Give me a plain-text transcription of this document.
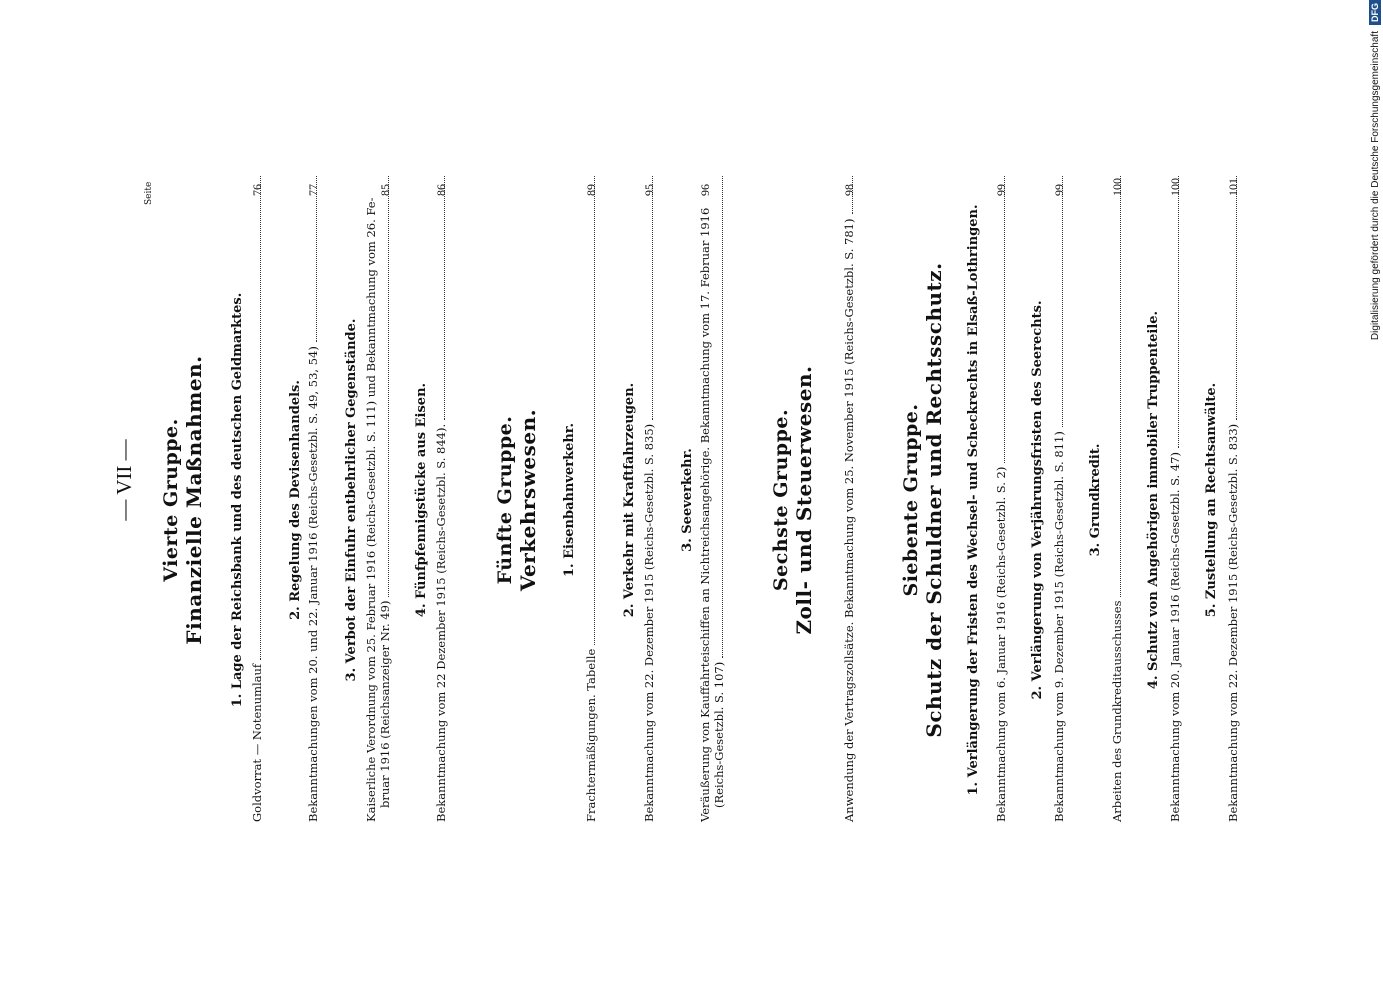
— VII —
Seite
Vierte Gruppe. Finanzielle Maßnahmen. 1. Lage der Reichsbank und des deutschen Geldmarktes.
Goldvorrat — Notenumlauf
76
2. Regelung des Devisenhandels. Bekanntmachungen vom 20. und 22. Januar 1916 (Reichs-Gesetzbl. S. 49, 53, 54)
77
3. Verbot der Einfuhr entbehrlicher Gegenstände. Kaiserliche Verordnung vom 25. Februar 1916 (Reichs-Gesetzbl. S. 111) und Bekanntmachung vom 26. Fe- bruar 1916 (Reichsanzeiger Nr. 49)
85
4. Fünfpfennigstücke aus Eisen. Bekanntmachung vom 22 Dezember 1915 (Reichs-Gesetzbl. S. 844).
86
Fünfte Gruppe. Verkehrswesen. 1. Eisenbahnverkehr.
Frachtermäßigungen. Tabelle
89
2. Verkehr mit Kraftfahrzeugen. Bekanntmachung vom 22. Dezember 1915 (Reichs-Gesetzbl. S. 835)
95
3. Seeverkehr. Veräußerung von Kauffahrteischiffen an Nichtreichsangehörige. Bekanntmachung vom 17. Februar 1916 (Reichs-Gesetzbl. S. 107)
96
Sechste Gruppe. Zoll- und Steuerwesen. Anwendung der Vertragszollsätze. Bekanntmachung vom 25. November 1915 (Reichs-Gesetzbl. S. 781)
98
Siebente Gruppe. Schutz der Schuldner und Rechtsschutz. 1. Verlängerung der Fristen des Wechsel- und Scheckrechts in Elsaß-Lothringen. Bekanntmachung vom 6. Januar 1916 (Reichs-Gesetzbl. S. 2)
99
2. Verlängerung von Verjährungsfristen des Seerechts. Bekanntmachung vom 9. Dezember 1915 (Reichs-Gesetzbl. S. 811)
99
3. Grundkredit.
Arbeiten des Grundkreditausschusses
100
4. Schutz von Angehörigen immobiler Truppenteile. Bekanntmachung vom 20. Januar 1916 (Reichs-Gesetzbl. S. 47)
100
5. Zustellung an Rechtsanwälte. Bekanntmachung vom 22. Dezember 1915 (Reichs-Gesetzbl. S. 833)
101	Digitalisierung gefördert durch die Deutsche Forschungsgemeinschaft
DFG
